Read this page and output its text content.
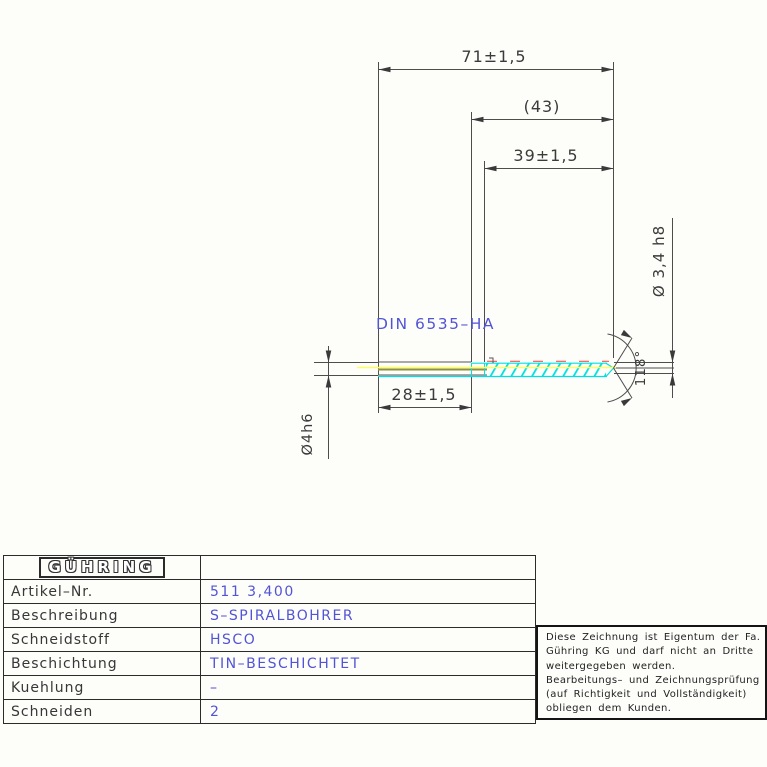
71±1,5
(43)
39±1,5
28±1,5
DIN 6535–HA
Ø4h6
Ø 3,4 h8
118°
GÜHRING
Artikel–Nr.	511 3,400
Beschreibung	S–SPIRALBOHRER
Schneidstoff	HSCO
Beschichtung	TIN–BESCHICHTET
Kuehlung	–
Schneiden	2
Diese Zeichnung ist Eigentum der Fa.
Gühring KG und darf nicht an Dritte
weitergegeben werden.
Bearbeitungs– und Zeichnungsprüfung
(auf Richtigkeit und Vollständigkeit)
obliegen dem Kunden.
